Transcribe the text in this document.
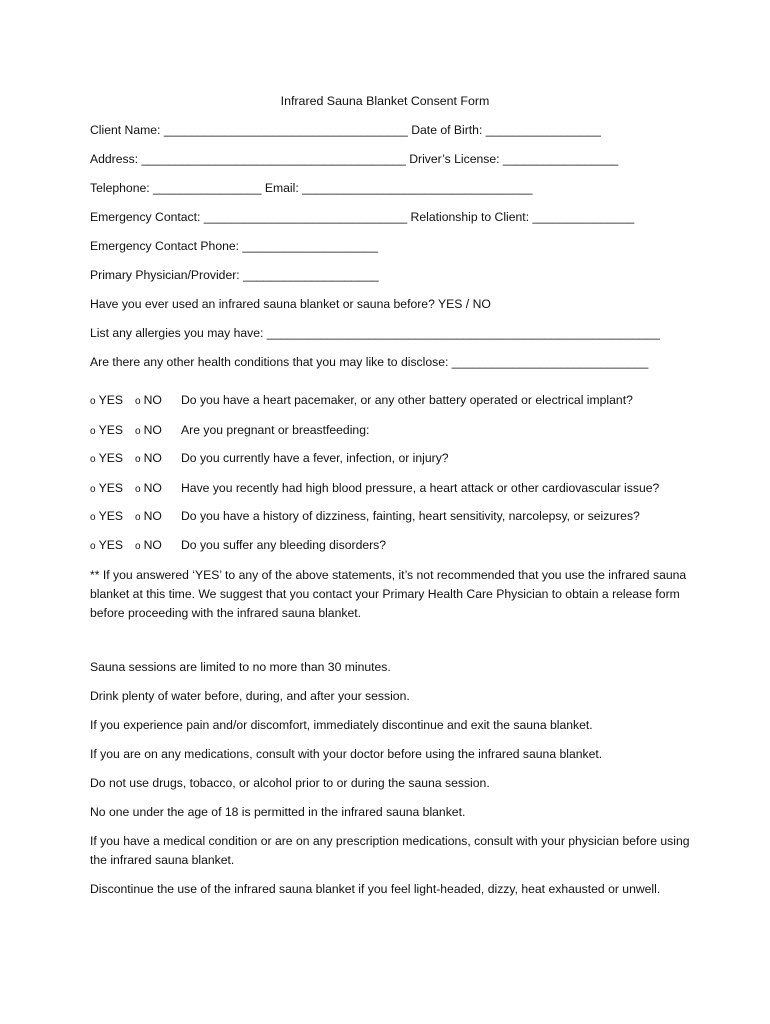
Infrared Sauna Blanket Consent Form
Client Name: ____________________________________ Date of Birth: _________________
Address: _______________________________________ Driver’s License: _________________
Telephone: ________________ Email: __________________________________
Emergency Contact: ______________________________ Relationship to Client: _______________
Emergency Contact Phone: ____________________
Primary Physician/Provider: ____________________
Have you ever used an infrared sauna blanket or sauna before? YES / NO
List any allergies you may have: __________________________________________________________
Are there any other health conditions that you may like to disclose: _____________________________
o YES	o NO	Do you have a heart pacemaker, or any other battery operated or electrical implant?
o YES	o NO	Are you pregnant or breastfeeding:
o YES	o NO	Do you currently have a fever, infection, or injury?
o YES	o NO	Have you recently had high blood pressure, a heart attack or other cardiovascular issue?
o YES	o NO	Do you have a history of dizziness, fainting, heart sensitivity, narcolepsy, or seizures?
o YES	o NO	Do you suffer any bleeding disorders?
** If you answered ‘YES’ to any of the above statements, it’s not recommended that you use the infrared sauna blanket at this time. We suggest that you contact your Primary Health Care Physician to obtain a release form before proceeding with the infrared sauna blanket.
Sauna sessions are limited to no more than 30 minutes.
Drink plenty of water before, during, and after your session.
If you experience pain and/or discomfort, immediately discontinue and exit the sauna blanket.
If you are on any medications, consult with your doctor before using the infrared sauna blanket.
Do not use drugs, tobacco, or alcohol prior to or during the sauna session.
No one under the age of 18 is permitted in the infrared sauna blanket.
If you have a medical condition or are on any prescription medications, consult with your physician before using the infrared sauna blanket.
Discontinue the use of the infrared sauna blanket if you feel light-headed, dizzy, heat exhausted or unwell.
